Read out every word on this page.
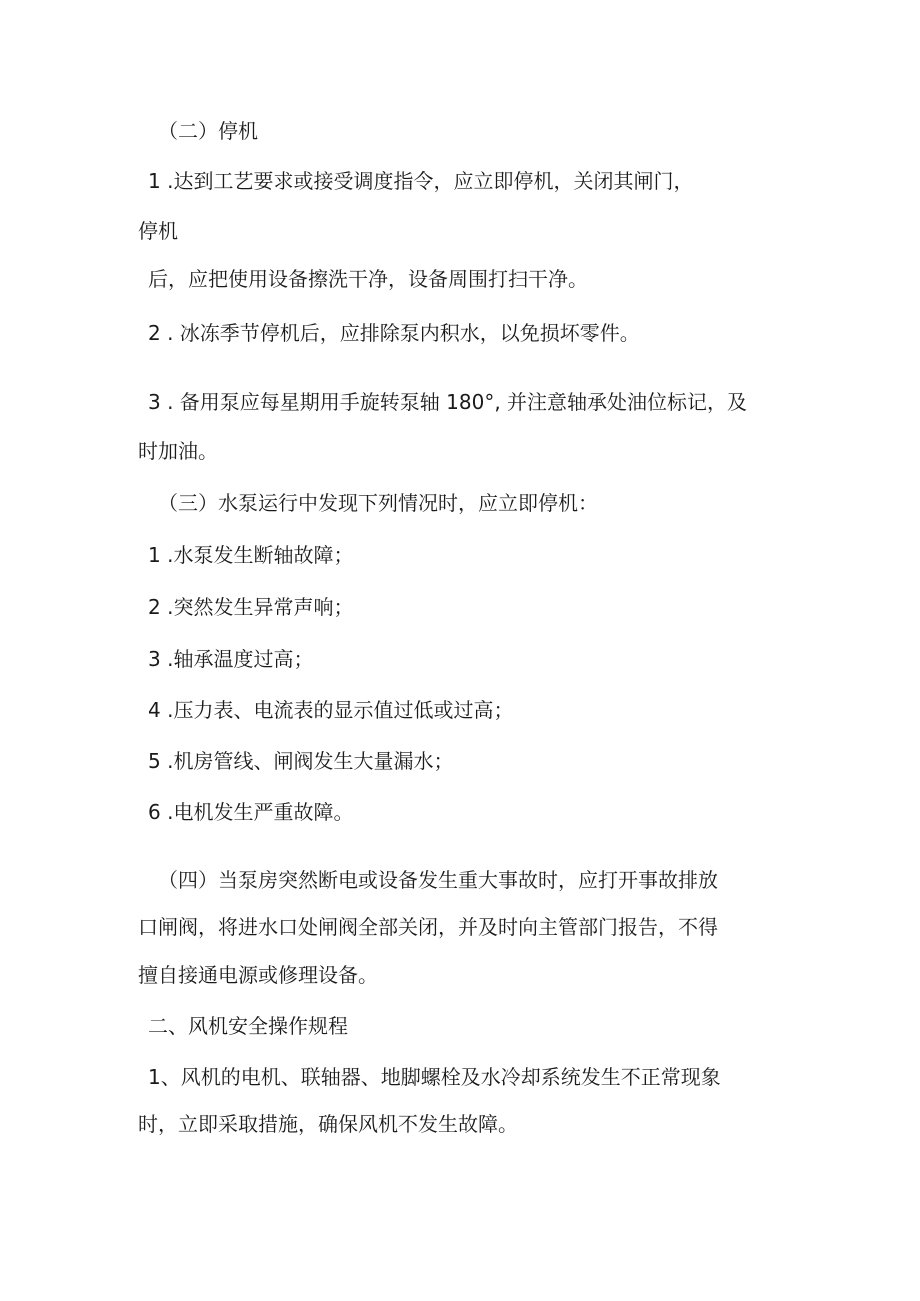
（二）停机
1 .达到工艺要求或接受调度指令，应立即停机，关闭其闸门，
停机
后，应把使用设备擦洗干净，设备周围打扫干净。
2 . 冰冻季节停机后，应排除泵内积水，以免损坏零件。
3 . 备用泵应每星期用手旋转泵轴 180°, 并注意轴承处油位标记，及
时加油。
（三）水泵运行中发现下列情况时，应立即停机：
1 .水泵发生断轴故障；
2 .突然发生异常声响；
3 .轴承温度过高；
4 .压力表、电流表的显示值过低或过高；
5 .机房管线、闸阀发生大量漏水；
6 .电机发生严重故障。
（四）当泵房突然断电或设备发生重大事故时，应打开事故排放
口闸阀，将进水口处闸阀全部关闭，并及时向主管部门报告，不得
擅自接通电源或修理设备。
二、风机安全操作规程
1、风机的电机、联轴器、地脚螺栓及水冷却系统发生不正常现象
时，立即采取措施，确保风机不发生故障。
